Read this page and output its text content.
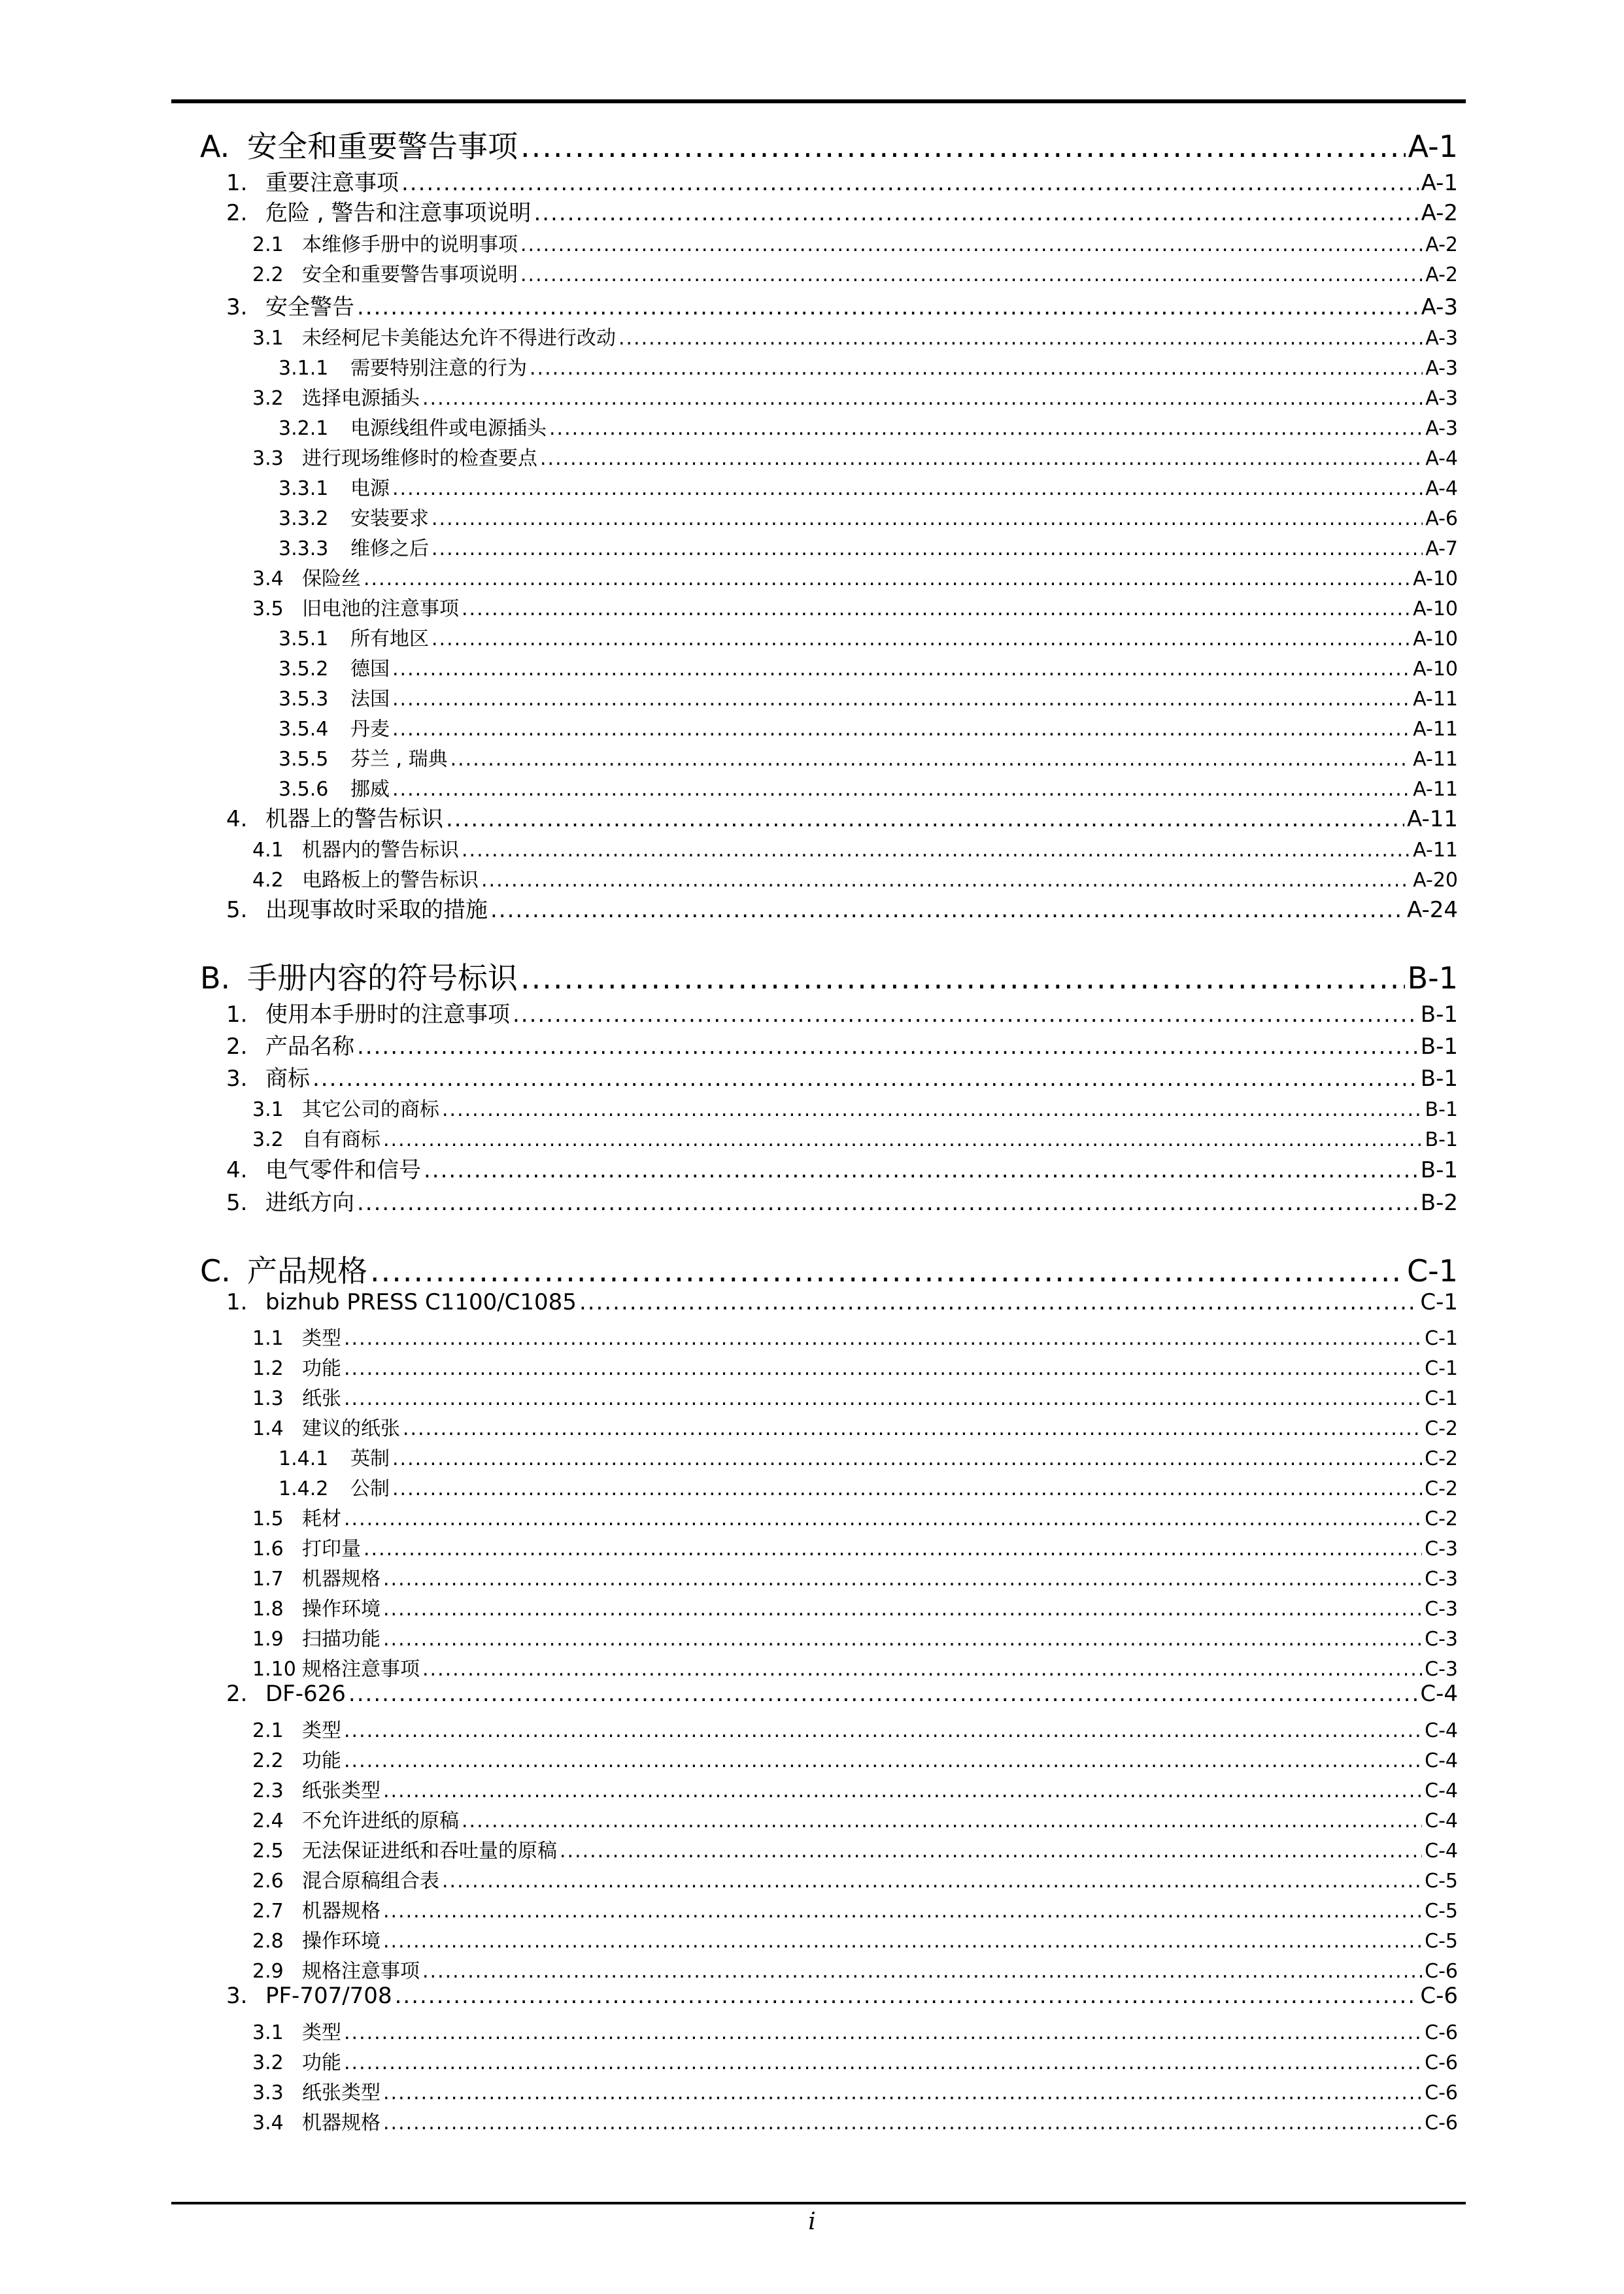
A. 安全和重要警告事项 .....	A-1
1. 重要注意事项 .....	A-1
2. 危险 , 警告和注意事项说明 .....	A-2
2.1 本维修手册中的说明事项 .....	A-2
2.2 安全和重要警告事项说明 .....	A-2
3. 安全警告 .....	A-3
3.1 未经柯尼卡美能达允许不得进行改动 .....	A-3
3.1.1	需要特别注意的行为 .....	A-3
3.2 选择电源插头 .....	A-3
3.2.1	电源线组件或电源插头 .....	A-3
3.3 进行现场维修时的检查要点 .....	A-4
3.3.1	电源 .....	A-4
3.3.2	安装要求 .....	A-6
3.3.3	维修之后 .....	A-7
3.4 保险丝 .....	A-10
3.5 旧电池的注意事项 .....	A-10
3.5.1	所有地区 .....	A-10
3.5.2	德国 .....	A-10
3.5.3	法国 .....	A-11
3.5.4	丹麦 .....	A-11
3.5.5	芬兰 , 瑞典 .....	A-11
3.5.6	挪威 .....	A-11
4. 机器上的警告标识 .....	A-11
4.1 机器内的警告标识 .....	A-11
4.2 电路板上的警告标识 .....	A-20
5. 出现事故时采取的措施 .....	A-24
B. 手册内容的符号标识 .....	B-1
1. 使用本手册时的注意事项 .....	B-1
2. 产品名称 .....	B-1
3. 商标 .....	B-1
3.1 其它公司的商标 .....	B-1
3.2 自有商标 .....	B-1
4. 电气零件和信号 .....	B-1
5. 进纸方向 .....	B-2
C. 产品规格 .....	C-1
1. bizhub PRESS C1100/C1085 .....	C-1
1.1 类型 .....	C-1
1.2 功能 .....	C-1
1.3 纸张 .....	C-1
1.4 建议的纸张 .....	C-2
1.4.1	英制 .....	C-2
1.4.2	公制 .....	C-2
1.5 耗材 .....	C-2
1.6 打印量 .....	C-3
1.7 机器规格 .....	C-3
1.8 操作环境 .....	C-3
1.9 扫描功能 .....	C-3
1.10 规格注意事项 .....	C-3
2. DF-626 .....	C-4
2.1 类型 .....	C-4
2.2 功能 .....	C-4
2.3 纸张类型 .....	C-4
2.4 不允许进纸的原稿 .....	C-4
2.5 无法保证进纸和吞吐量的原稿 .....	C-4
2.6 混合原稿组合表 .....	C-5
2.7 机器规格 .....	C-5
2.8 操作环境 .....	C-5
2.9 规格注意事项 .....	C-6
3. PF-707/708 .....	C-6
3.1 类型 .....	C-6
3.2 功能 .....	C-6
3.3 纸张类型 .....	C-6
3.4 机器规格 .....	C-6
i
